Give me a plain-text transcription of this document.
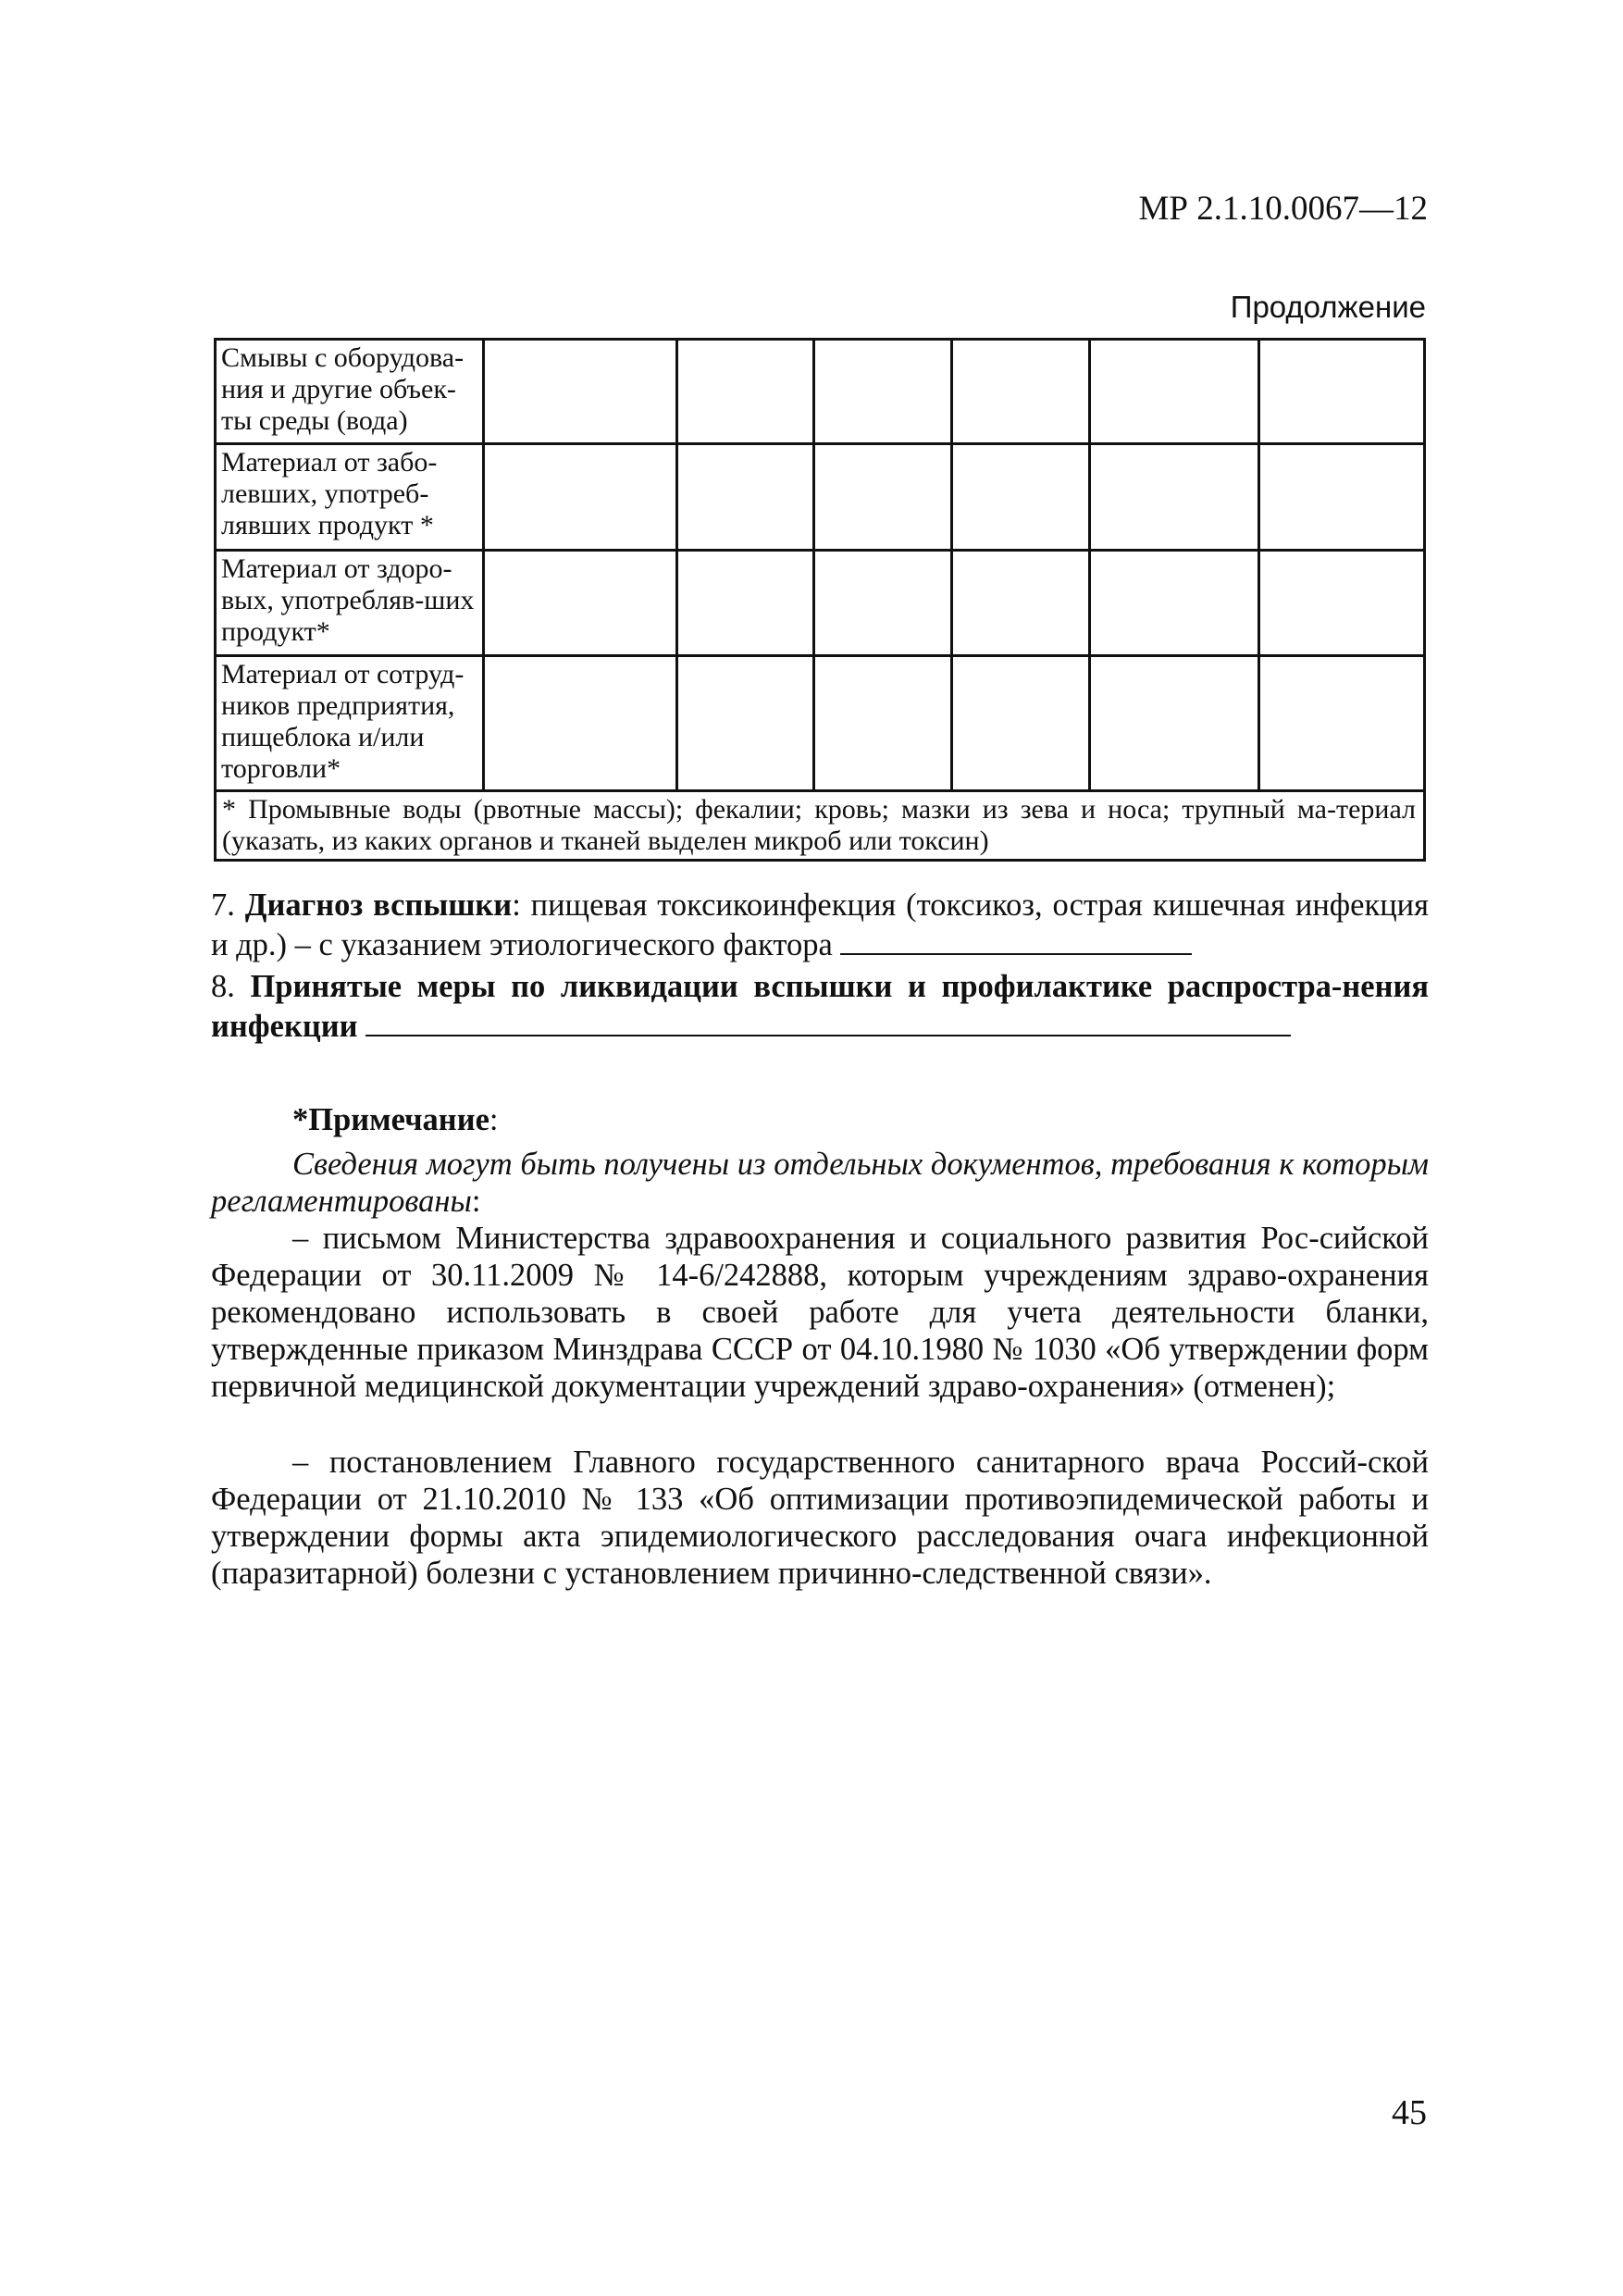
МР 2.1.10.0067—12
Продолжение
Смывы с оборудова-ния и другие объек-ты среды (вода)						
Материал от забо-левших, употреб-лявших продукт *						
Материал от здоро-вых, употребляв-ших продукт*						
Материал от сотруд-ников предприятия, пищеблока и/или торговли*						
* Промывные воды (рвотные массы); фекалии; кровь; мазки из зева и носа; трупный ма-териал (указать, из каких органов и тканей выделен микроб или токсин)						
7. Диагноз вспышки: пищевая токсикоинфекция (токсикоз, острая кишечная инфекция и др.) – с указанием этиологического фактора
8. Принятые меры по ликвидации вспышки и профилактике распростра-нения инфекции
*Примечание:
Сведения могут быть получены из отдельных документов, требования к которым регламентированы:
– письмом Министерства здравоохранения и социального развития Рос-сийской Федерации от 30.11.2009 № 14-6/242888, которым учреждениям здраво-охранения рекомендовано использовать в своей работе для учета деятельности бланки, утвержденные приказом Минздрава СССР от 04.10.1980 № 1030 «Об утверждении форм первичной медицинской документации учреждений здраво-охранения» (отменен);
– постановлением Главного государственного санитарного врача Россий-ской Федерации от 21.10.2010 № 133 «Об оптимизации противоэпидемической работы и утверждении формы акта эпидемиологического расследования очага инфекционной (паразитарной) болезни с установлением причинно-следственной связи».
45
